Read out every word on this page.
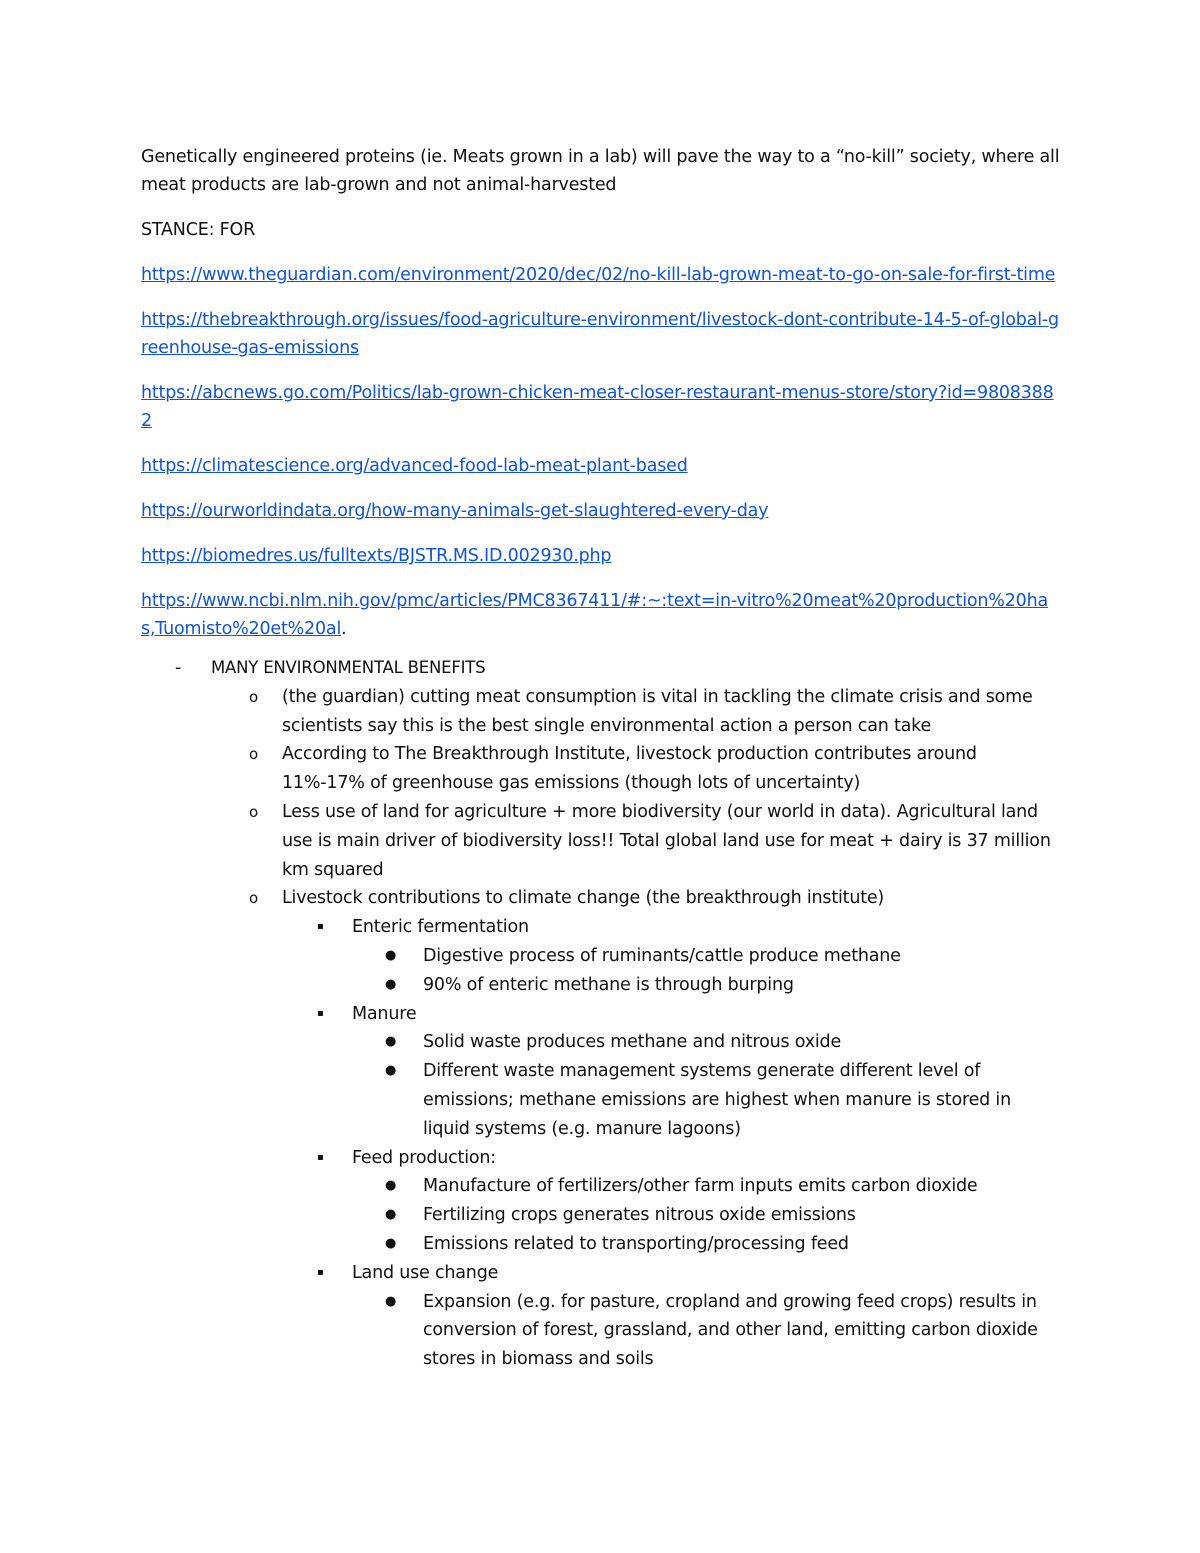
Genetically engineered proteins (ie. Meats grown in a lab) will pave the way to a “no-kill” society, where all meat products are lab-grown and not animal-harvested

STANCE: FOR

https://www.theguardian.com/environment/2020/dec/02/no-kill-lab-grown-meat-to-go-on-sale-for-first-time

https://thebreakthrough.org/issues/food-agriculture-environment/livestock-dont-contribute-14-5-of-global-greenhouse-gas-emissions

https://abcnews.go.com/Politics/lab-grown-chicken-meat-closer-restaurant-menus-store/story?id=98083882

https://climatescience.org/advanced-food-lab-meat-plant-based

https://ourworldindata.org/how-many-animals-get-slaughtered-every-day

https://biomedres.us/fulltexts/BJSTR.MS.ID.002930.php

https://www.ncbi.nlm.nih.gov/pmc/articles/PMC8367411/#:~:text=in-vitro%20meat%20production%20has,Tuomisto%20et%20al.

-	MANY ENVIRONMENTAL BENEFITS
o	(the guardian) cutting meat consumption is vital in tackling the climate crisis and some scientists say this is the best single environmental action a person can take
o	According to The Breakthrough Institute, livestock production contributes around 11%-17% of greenhouse gas emissions (though lots of uncertainty)
o	Less use of land for agriculture + more biodiversity (our world in data). Agricultural land use is main driver of biodiversity loss!! Total global land use for meat + dairy is 37 million km squared
o	Livestock contributions to climate change (the breakthrough institute)
▪	Enteric fermentation
●	Digestive process of ruminants/cattle produce methane
●	90% of enteric methane is through burping
▪	Manure
●	Solid waste produces methane and nitrous oxide
●	Different waste management systems generate different level of emissions; methane emissions are highest when manure is stored in liquid systems (e.g. manure lagoons)
▪	Feed production:
●	Manufacture of fertilizers/other farm inputs emits carbon dioxide
●	Fertilizing crops generates nitrous oxide emissions
●	Emissions related to transporting/processing feed
▪	Land use change
●	Expansion (e.g. for pasture, cropland and growing feed crops) results in conversion of forest, grassland, and other land, emitting carbon dioxide stores in biomass and soils
